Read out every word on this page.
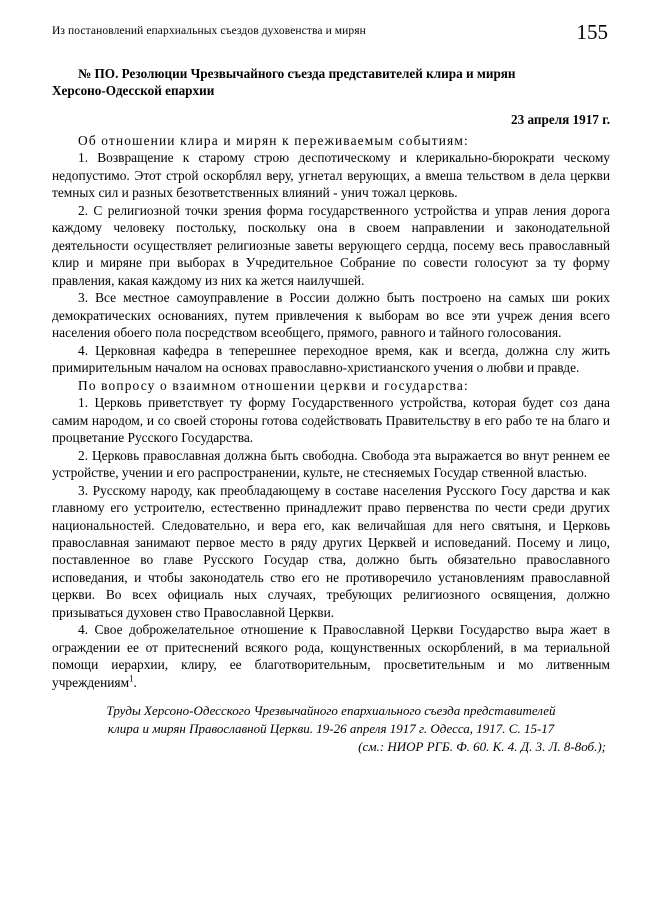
Из постановлений епархиальных съездов духовенства и мирян	155
№ ПО. Резолюции Чрезвычайного съезда представителей клира и мирян
Херсоно-Одесской епархии
23 апреля 1917 г.

Об отношении клира и мирян к переживаемым событиям:

1. Возвращение к старому строю деспотическому и клерикально-бюрократи ческому недопустимо. Этот строй оскорблял веру, угнетал верующих, а вмеша тельством в дела церкви темных сил и разных безответственных влияний - унич тожал церковь.

2. С религиозной точки зрения форма государственного устройства и управ ления дорога каждому человеку постольку, поскольку она в своем направлении и законодательной деятельности осуществляет религиозные заветы верующего сердца, посему весь православный клир и миряне при выборах в Учредительное Собрание по совести голосуют за ту форму правления, какая каждому из них ка жется наилучшей.

3. Все местное самоуправление в России должно быть построено на самых ши роких демократических основаниях, путем привлечения к выборам во все эти учреж дения всего населения обоего пола посредством всеобщего, прямого, равного и тайного голосования.

4. Церковная кафедра в теперешнее переходное время, как и всегда, должна слу жить примирительным началом на основах православно-христианского учения о любви и правде.

По вопросу о взаимном отношении церкви и государства:

1. Церковь приветствует ту форму Государственного устройства, которая будет соз дана самим народом, и со своей стороны готова содействовать Правительству в его рабо те на благо и процветание Русского Государства.

2. Церковь православная должна быть свободна. Свобода эта выражается во внут реннем ее устройстве, учении и его распространении, культе, не стесняемых Государ ственной властью.

3. Русскому народу, как преобладающему в составе населения Русского Госу дарства и как главному его устроителю, естественно принадлежит право первенства по чести среди других национальностей. Следовательно, и вера его, как величайшая для него святыня, и Церковь православная занимают первое место в ряду других Церквей и исповеданий. Посему и лицо, поставленное во главе Русского Государ ства, должно быть обязательно православного исповедания, и чтобы законодатель ство его не противоречило установлениям православной церкви. Во всех официаль ных случаях, требующих религиозного освящения, должно призываться духовен ство Православной Церкви.

4. Свое доброжелательное отношение к Православной Церкви Государство выра жает в ограждении ее от притеснений всякого рода, кощунственных оскорблений, в ма териальной помощи иерархии, клиру, ее благотворительным, просветительным и мо литвенным учреждениям$^1$.

Труды Херсоно-Одесского Чрезвычайного епархиального съезда представителей
клира и мирян Православной Церкви. 19-26 апреля 1917 г. Одесса, 1917. С. 15-17
(см.: НИОР РГБ. Ф. 60. К. 4. Д. 3. Л. 8-8об.);
